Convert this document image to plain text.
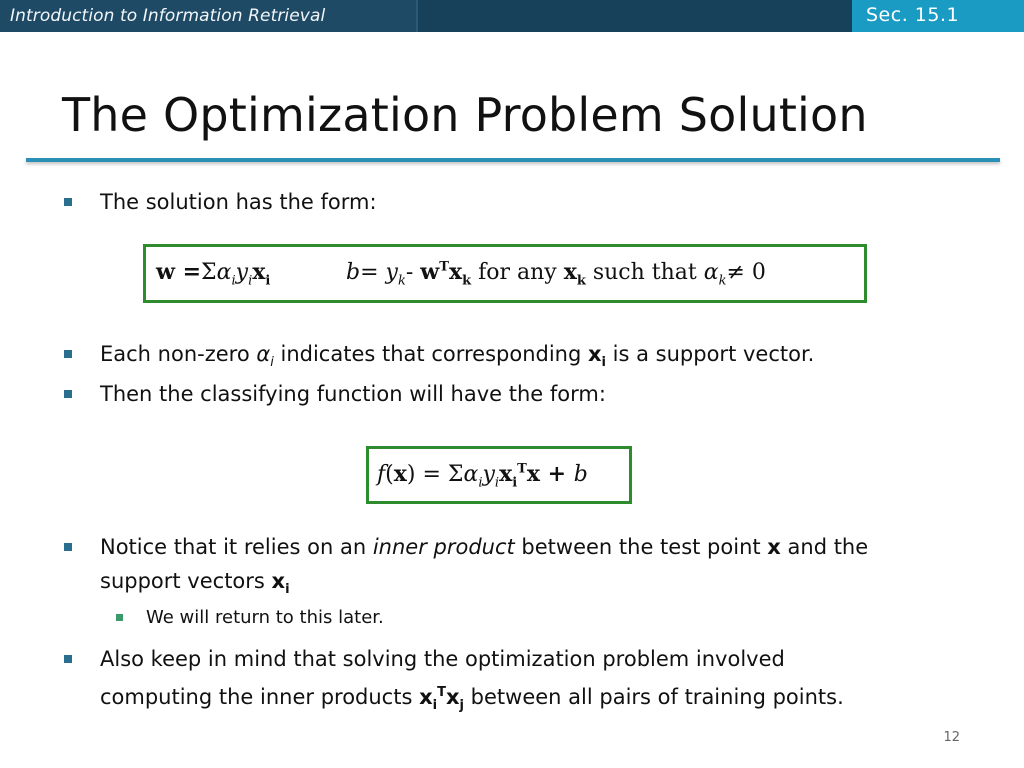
Introduction to Information Retrieval	Sec. 15.1
The Optimization Problem Solution
The solution has the form:
$w =\Sigma\alpha_iy_ix_i$	$b= y_k-$ $w^Tx_k$ for any $x_k$ such that $\alpha_k\ne 0$
Each non-zero $\alpha_i$ indicates that corresponding $x_i$ is a support vector.
Then the classifying function will have the form:
$f(x) = \Sigma\alpha_iy_ix_i^Tx + b$
Notice that it relies on an inner product between the test point x and the
support vectors $x_i$
We will return to this later.
Also keep in mind that solving the optimization problem involved
computing the inner products $x_i^Tx_j$ between all pairs of training points.
12
